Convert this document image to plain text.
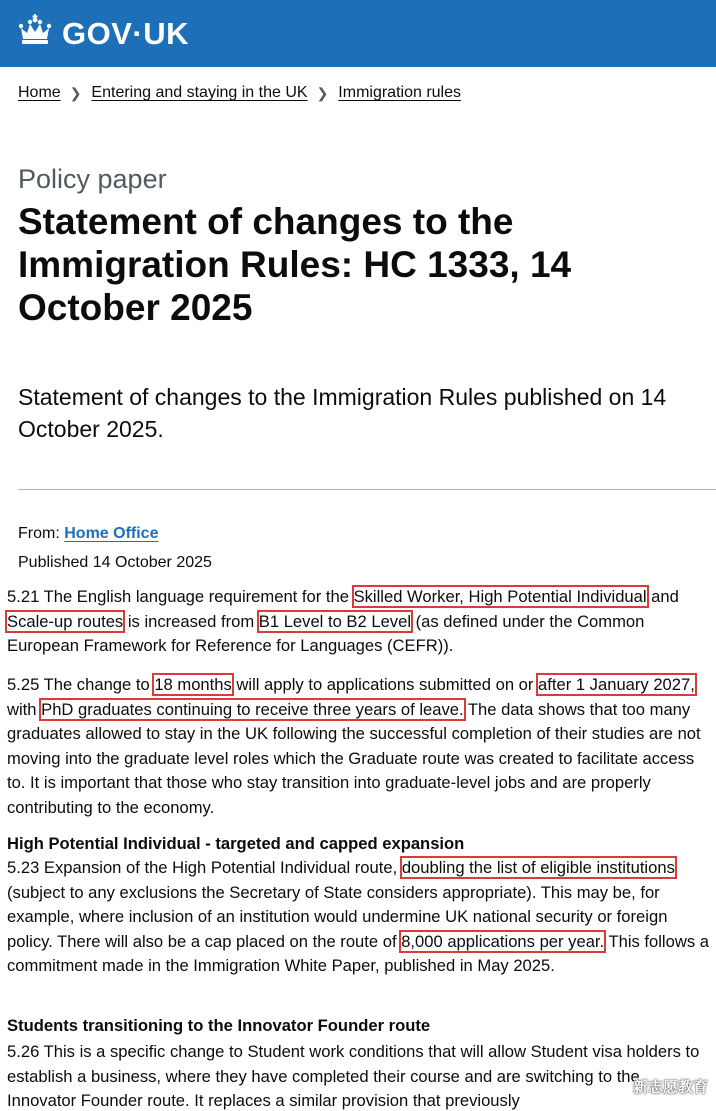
GOV·UK
Home ❯ Entering and staying in the UK ❯ Immigration rules
Policy paper
Statement of changes to the Immigration Rules: HC 1333, 14 October 2025

Statement of changes to the Immigration Rules published on 14 October 2025.

From: Home Office
Published 14 October 2025

5.21 The English language requirement for the Skilled Worker, High Potential Individual and Scale-up routes is increased from B1 Level to B2 Level (as defined under the Common European Framework for Reference for Languages (CEFR)).

5.25 The change to 18 months will apply to applications submitted on or after 1 January 2027, with PhD graduates continuing to receive three years of leave. The data shows that too many graduates allowed to stay in the UK following the successful completion of their studies are not moving into the graduate level roles which the Graduate route was created to facilitate access to. It is important that those who stay transition into graduate-level jobs and are properly contributing to the economy.

High Potential Individual - targeted and capped expansion

5.23 Expansion of the High Potential Individual route, doubling the list of eligible institutions (subject to any exclusions the Secretary of State considers appropriate). This may be, for example, where inclusion of an institution would undermine UK national security or foreign policy. There will also be a cap placed on the route of 8,000 applications per year. This follows a commitment made in the Immigration White Paper, published in May 2025.

Students transitioning to the Innovator Founder route

5.26 This is a specific change to Student work conditions that will allow Student visa holders to establish a business, where they have completed their course and are switching to the Innovator Founder route. It replaces a similar provision that previously

新志愿教育
